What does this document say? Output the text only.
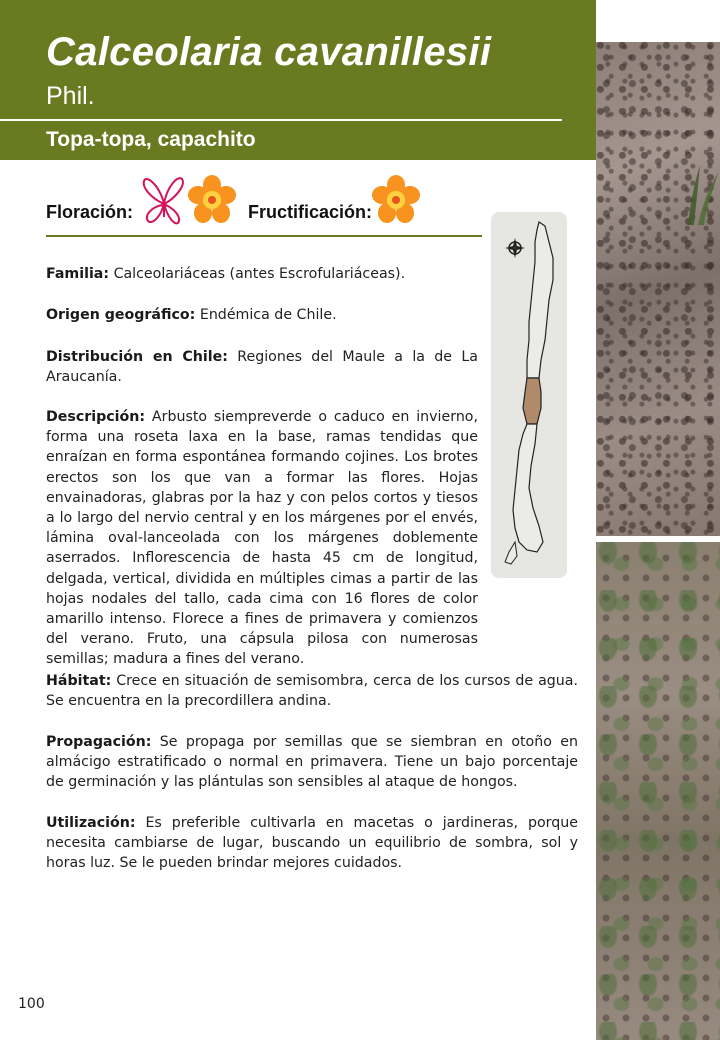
Calceolaria cavanillesii
Phil.
Topa-topa, capachito
Floración:	Fructificación:

Familia: Calceolariáceas (antes Escrofulariáceas).

Origen geográfico: Endémica de Chile.

Distribución en Chile: Regiones del Maule a la de La Araucanía.

Descripción: Arbusto siempreverde o caduco en invierno, forma una roseta laxa en la base, ramas tendidas que enraízan en forma espontánea formando cojines. Los brotes erectos son los que van a formar las flores. Hojas envainadoras, glabras por la haz y con pelos cortos y tiesos a lo largo del nervio central y en los márgenes por el envés, lámina oval-lanceolada con los márgenes doblemente aserrados. Inflorescencia de hasta 45 cm de longitud, delgada, vertical, dividida en múltiples cimas a partir de las hojas nodales del tallo, cada cima con 16 flores de color amarillo intenso. Florece a fines de primavera y comienzos del verano. Fruto, una cápsula pilosa con numerosas semillas; madura a fines del verano.

Hábitat: Crece en situación de semisombra, cerca de los cursos de agua. Se encuentra en la precordillera andina.

Propagación: Se propaga por semillas que se siembran en otoño en almácigo estratificado o normal en primavera. Tiene un bajo porcentaje de germinación y las plántulas son sensibles al ataque de hongos.

Utilización: Es preferible cultivarla en macetas o jardineras, porque necesita cambiarse de lugar, buscando un equilibrio de sombra, sol y horas luz. Se le pueden brindar mejores cuidados.

100
